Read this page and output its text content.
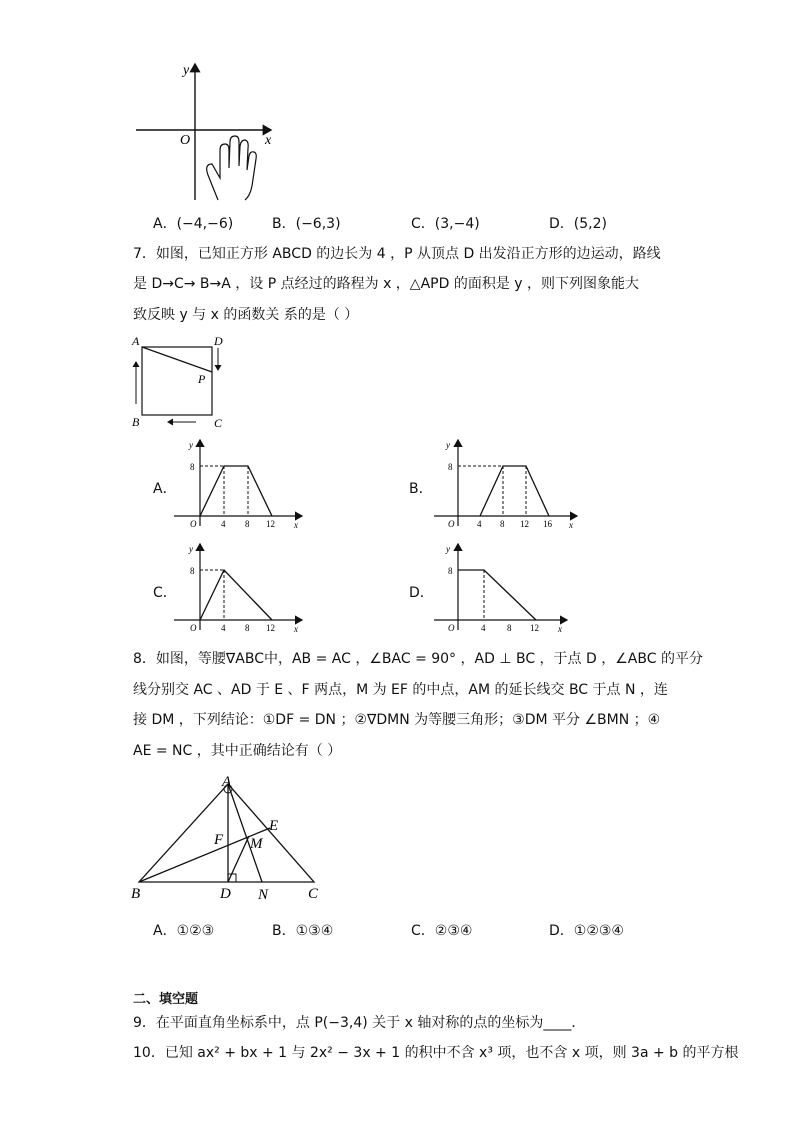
y
x
O
A．(−4,−6)	B．(−6,3)	C．(3,−4)	D．(5,2)
7．如图，已知正方形 ABCD 的边长为 4 ，P 从顶点 D 出发沿正方形的边运动，路线
是 D→C→ B→A ，设 P 点经过的路程为 x ，△APD 的面积是 y ，则下列图象能大
致反映 y 与 x 的函数关 系的是（ ）
A	D
P
B	C
A．	B．
C．	D．
y
x
O
8
4 8 12
y
x
O
8
4 8 12 16
y
x
O
8
4 8 12
y
x
O
8
4 8 12
8．如图，等腰∇ABC中，AB = AC ，∠BAC = 90° ，AD ⊥ BC ，于点 D ，∠ABC 的平分
线分别交 AC 、AD 于 E 、F 两点，M 为 EF 的中点，AM 的延长线交 BC 于点 N ，连
接 DM ，下列结论：①DF = DN ；②∇DMN 为等腰三角形；③DM 平分 ∠BMN ；④
AE = NC ，其中正确结论有（ ）
A
B	C
D N
E
F M
A．①②③	B．①③④	C．②③④	D．①②③④
二、填空题
9．在平面直角坐标系中，点 P(−3,4) 关于 x 轴对称的点的坐标为____．
10．已知 ax² + bx + 1 与 2x² − 3x + 1 的积中不含 x³ 项，也不含 x 项，则 3a + b 的平方根
